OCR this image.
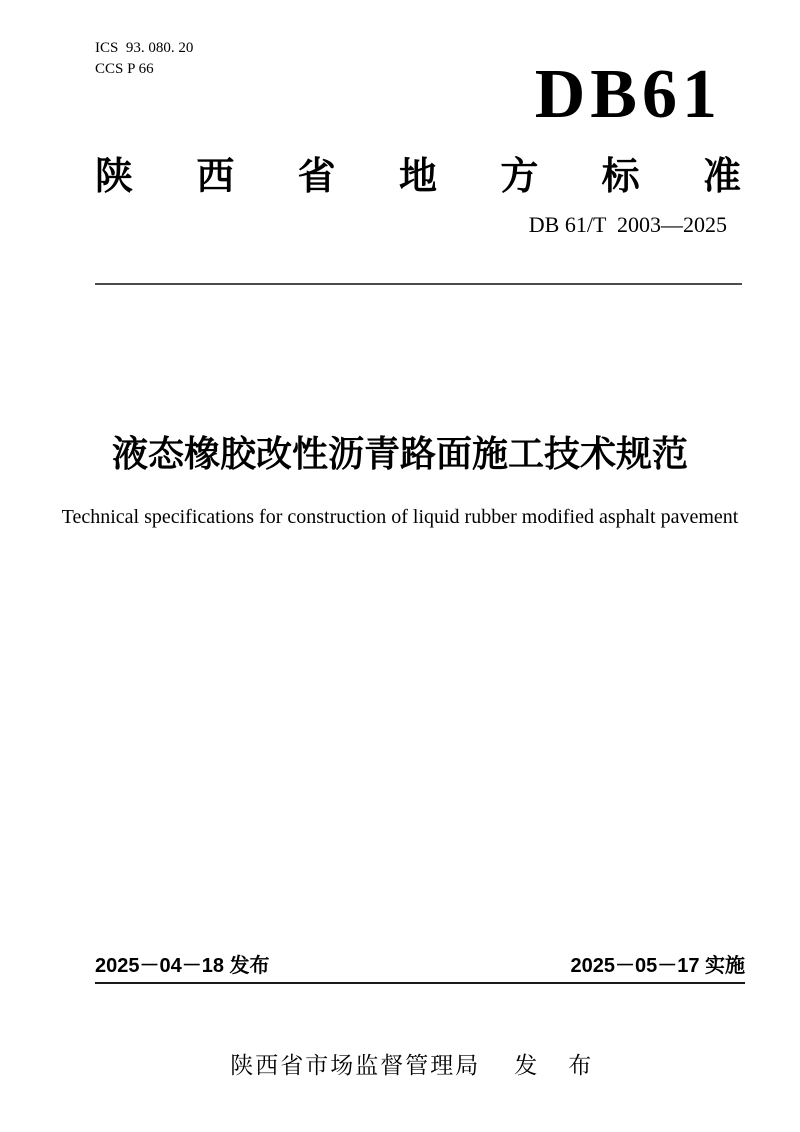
ICS  93. 080. 20
CCS P 66	DB61
陕 西 省 地 方 标 准
DB 61/T  2003—2025
液态橡胶改性沥青路面施工技术规范
Technical specifications for construction of liquid rubber modified asphalt pavement
2025－04－18 发布	2025－05－17 实施

陕西省市场监督管理局 发　布
